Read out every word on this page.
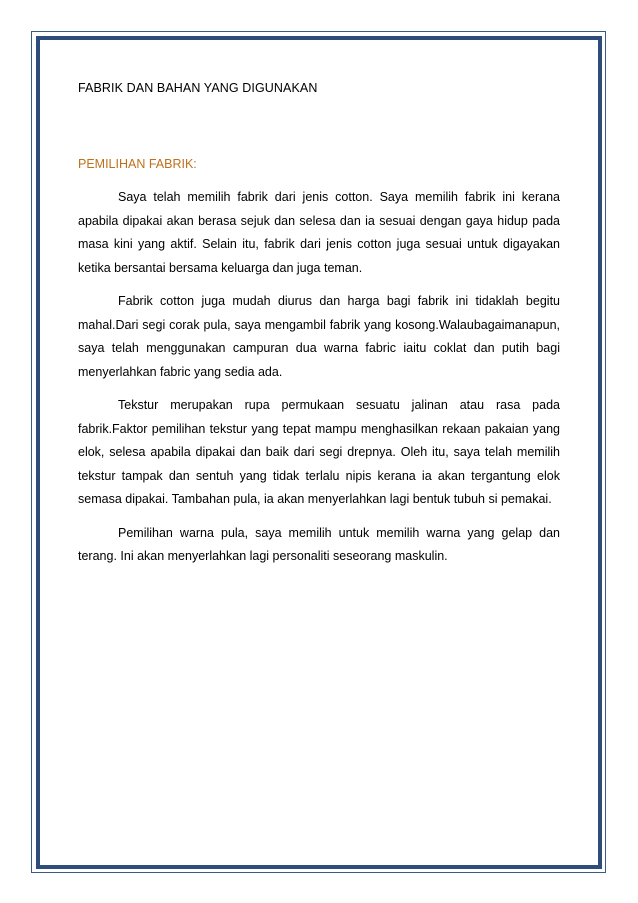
FABRIK DAN BAHAN YANG DIGUNAKAN

PEMILIHAN FABRIK:

Saya telah memilih fabrik dari jenis cotton. Saya memilih fabrik ini kerana apabila dipakai akan berasa sejuk dan selesa dan ia sesuai dengan gaya hidup pada masa kini yang aktif. Selain itu, fabrik dari jenis cotton juga sesuai untuk digayakan ketika bersantai bersama keluarga dan juga teman.

Fabrik cotton juga mudah diurus dan harga bagi fabrik ini tidaklah begitu mahal.Dari segi corak pula, saya mengambil fabrik yang kosong.Walaubagaimanapun, saya telah menggunakan campuran dua warna fabric iaitu coklat dan putih bagi menyerlahkan fabric yang sedia ada.

Tekstur merupakan rupa permukaan sesuatu jalinan atau rasa pada fabrik.Faktor pemilihan tekstur yang tepat mampu menghasilkan rekaan pakaian yang elok, selesa apabila dipakai dan baik dari segi drepnya. Oleh itu, saya telah memilih tekstur tampak dan sentuh yang tidak terlalu nipis kerana ia akan tergantung elok semasa dipakai. Tambahan pula, ia akan menyerlahkan lagi bentuk tubuh si pemakai.

Pemilihan warna pula, saya memilih untuk memilih warna yang gelap dan terang. Ini akan menyerlahkan lagi personaliti seseorang maskulin.
